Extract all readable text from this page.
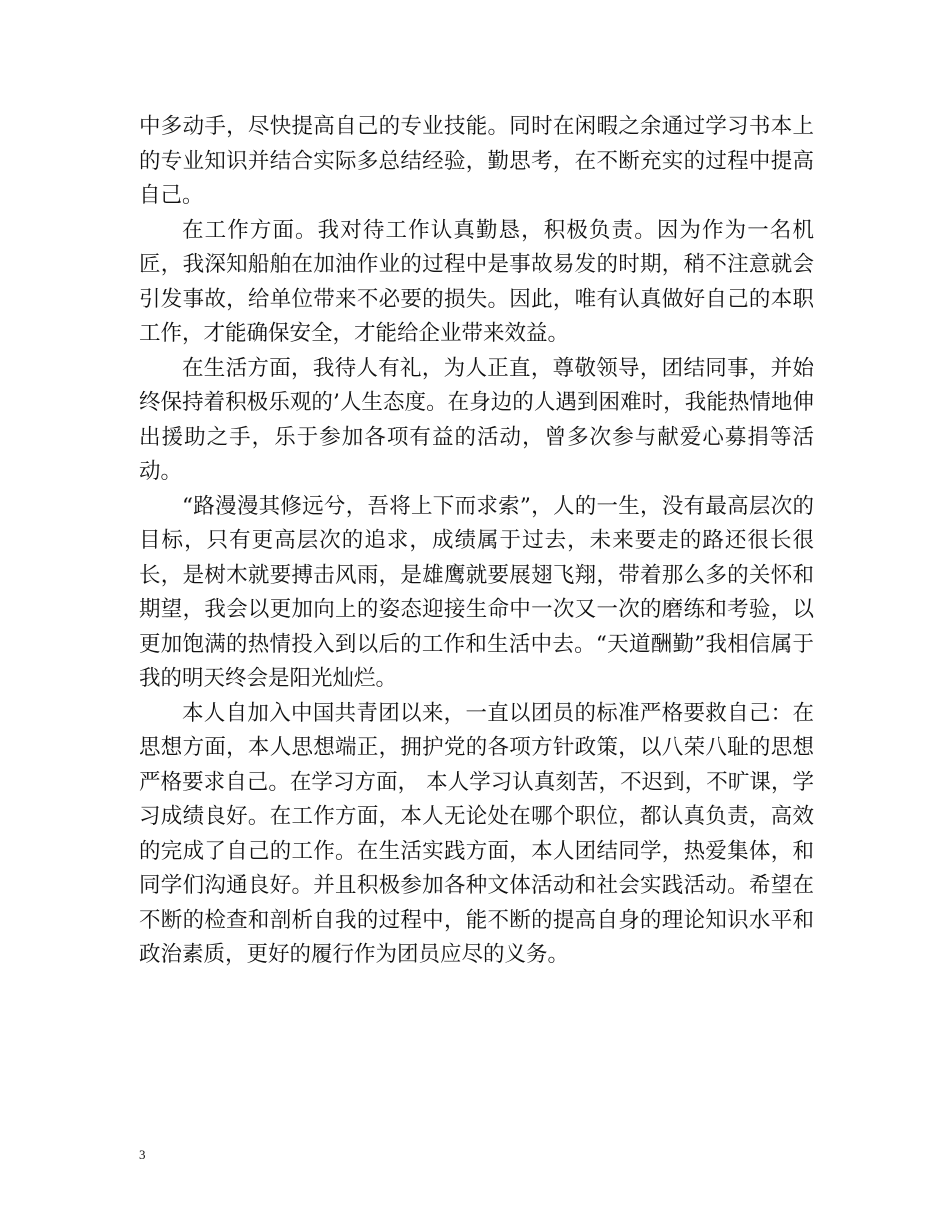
中多动手，尽快提高自己的专业技能。同时在闲暇之余通过学习书本上的专业知识并结合实际多总结经验，勤思考，在不断充实的过程中提高自己。

在工作方面。我对待工作认真勤恳，积极负责。因为作为一名机匠，我深知船舶在加油作业的过程中是事故易发的时期，稍不注意就会引发事故，给单位带来不必要的损失。因此，唯有认真做好自己的本职工作，才能确保安全，才能给企业带来效益。

在生活方面，我待人有礼，为人正直，尊敬领导，团结同事，并始终保持着积极乐观的’人生态度。在身边的人遇到困难时，我能热情地伸出援助之手，乐于参加各项有益的活动，曾多次参与献爱心募捐等活动。

“路漫漫其修远兮，吾将上下而求索”，人的一生，没有最高层次的目标，只有更高层次的追求，成绩属于过去，未来要走的路还很长很长，是树木就要搏击风雨，是雄鹰就要展翅飞翔，带着那么多的关怀和期望，我会以更加向上的姿态迎接生命中一次又一次的磨练和考验，以更加饱满的热情投入到以后的工作和生活中去。“天道酬勤”我相信属于我的明天终会是阳光灿烂。

本人自加入中国共青团以来，一直以团员的标准严格要救自己：在思想方面，本人思想端正，拥护党的各项方针政策，以八荣八耻的思想严格要求自己。在学习方面， 本人学习认真刻苦，不迟到，不旷课，学习成绩良好。在工作方面，本人无论处在哪个职位，都认真负责，高效的完成了自己的工作。在生活实践方面，本人团结同学，热爱集体，和同学们沟通良好。并且积极参加各种文体活动和社会实践活动。希望在不断的检查和剖析自我的过程中，能不断的提高自身的理论知识水平和政治素质，更好的履行作为团员应尽的义务。

3
